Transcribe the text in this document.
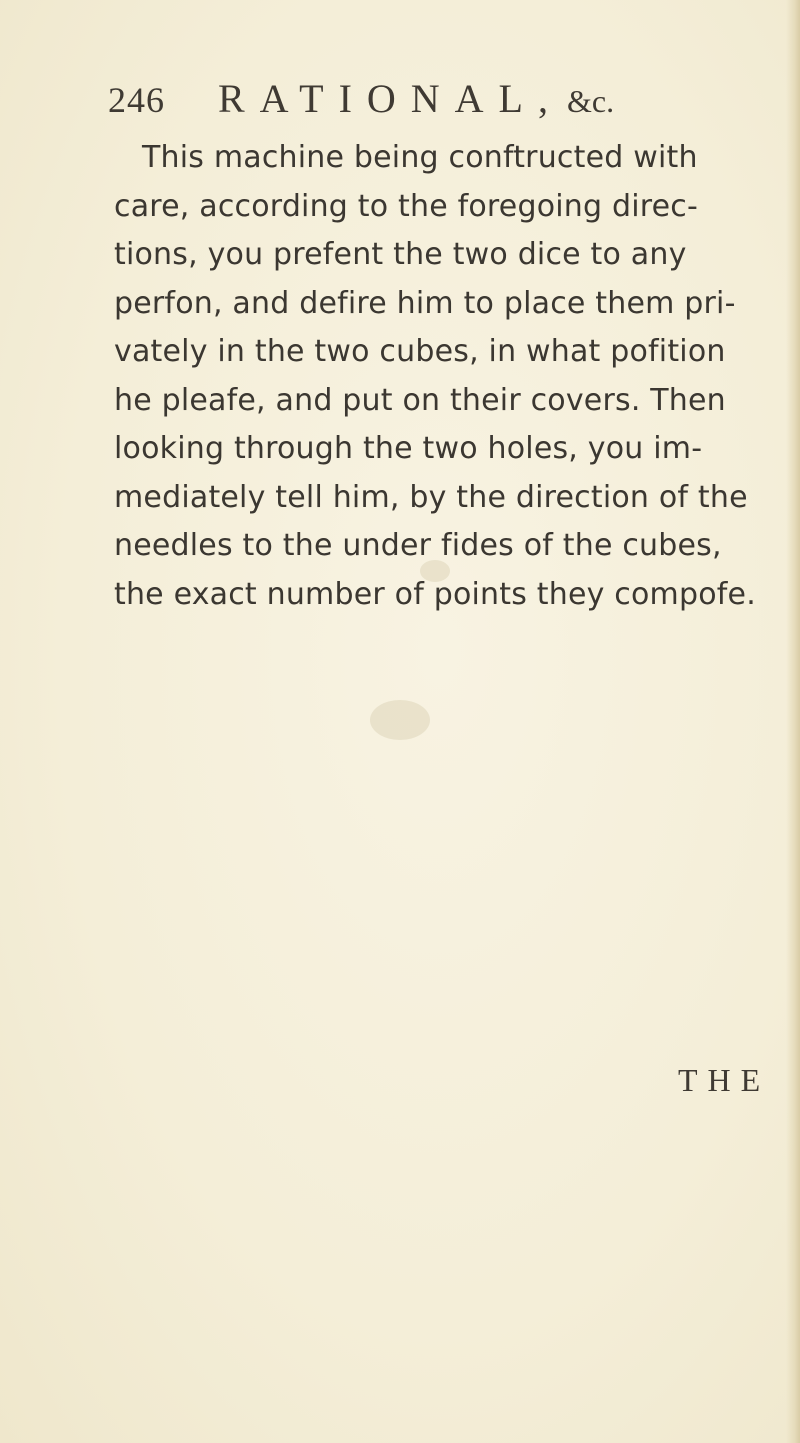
246 RATIONAL, &c.
This machine being conftructed with
care, according to the foregoing direc-
tions, you prefent the two dice to any
perfon, and defire him to place them pri-
vately in the two cubes, in what pofition
he pleafe, and put on their covers. Then
looking through the two holes, you im-
mediately tell him, by the direction of the
needles to the under fides of the cubes,
the exact number of points they compofe.
THE
